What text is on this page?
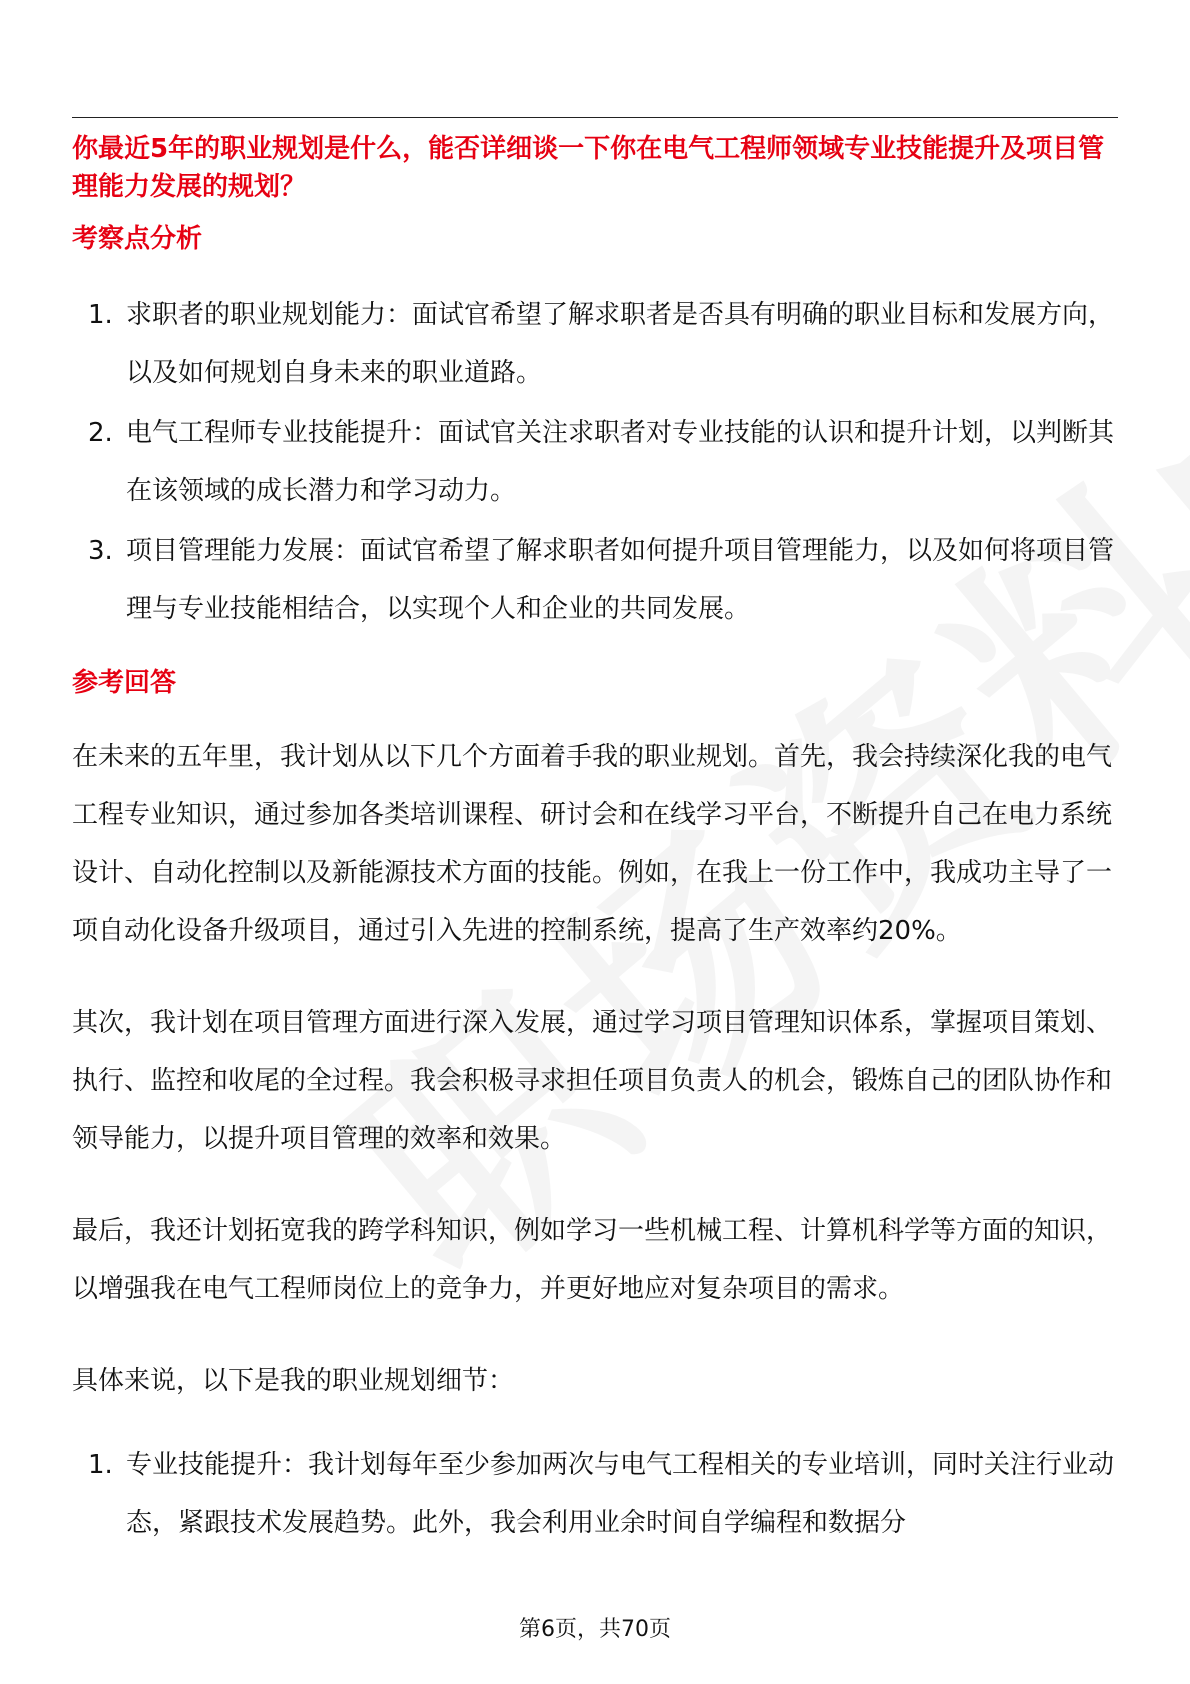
你最近5年的职业规划是什么，能否详细谈一下你在电气工程师领域专业技能提升及项目管理能力发展的规划？

考察点分析
1. 求职者的职业规划能力：面试官希望了解求职者是否具有明确的职业目标和发展方向，以及如何规划自身未来的职业道路。
2. 电气工程师专业技能提升：面试官关注求职者对专业技能的认识和提升计划，以判断其在该领域的成长潜力和学习动力。
3. 项目管理能力发展：面试官希望了解求职者如何提升项目管理能力，以及如何将项目管理与专业技能相结合，以实现个人和企业的共同发展。
参考回答

在未来的五年里，我计划从以下几个方面着手我的职业规划。首先，我会持续深化我的电气工程专业知识，通过参加各类培训课程、研讨会和在线学习平台，不断提升自己在电力系统设计、自动化控制以及新能源技术方面的技能。例如，在我上一份工作中，我成功主导了一项自动化设备升级项目，通过引入先进的控制系统，提高了生产效率约20%。

其次，我计划在项目管理方面进行深入发展，通过学习项目管理知识体系，掌握项目策划、执行、监控和收尾的全过程。我会积极寻求担任项目负责人的机会，锻炼自己的团队协作和领导能力，以提升项目管理的效率和效果。

最后，我还计划拓宽我的跨学科知识，例如学习一些机械工程、计算机科学等方面的知识，以增强我在电气工程师岗位上的竞争力，并更好地应对复杂项目的需求。

具体来说，以下是我的职业规划细节：

1. 专业技能提升：我计划每年至少参加两次与电气工程相关的专业培训，同时关注行业动态，紧跟技术发展趋势。此外，我会利用业余时间自学编程和数据分
第6页，共70页
